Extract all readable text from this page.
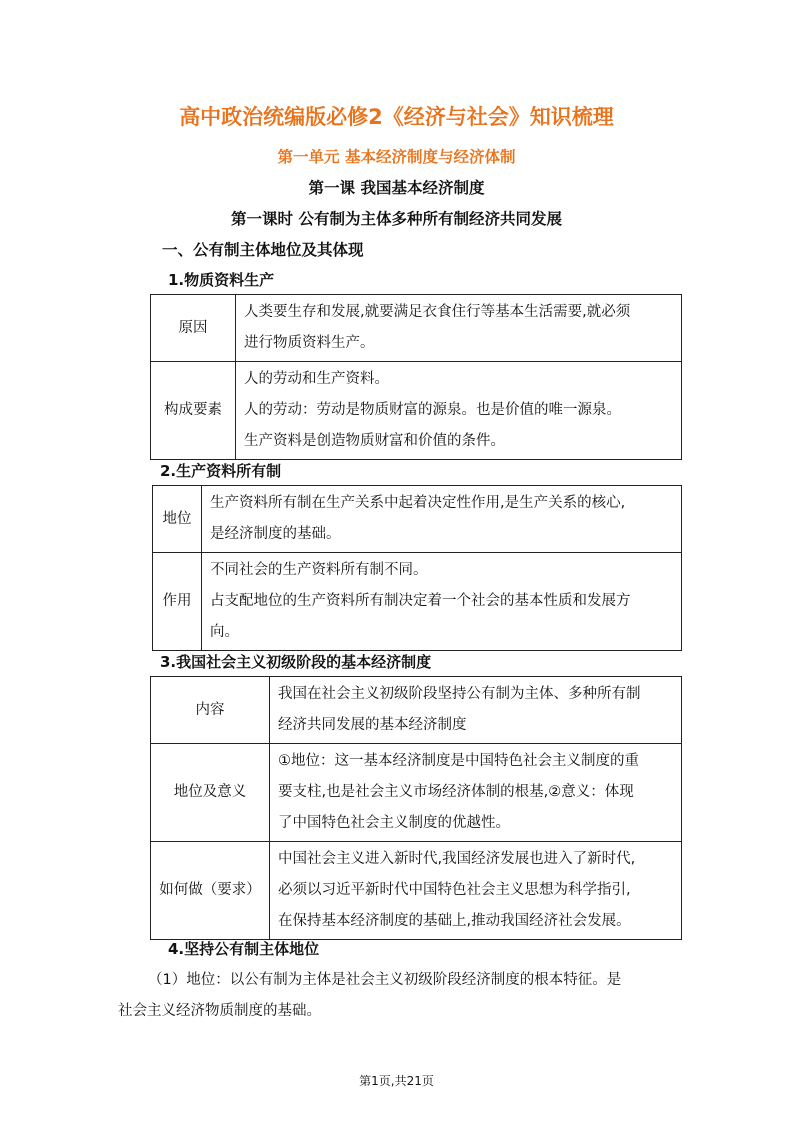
高中政治统编版必修2《经济与社会》知识梳理
第一单元 基本经济制度与经济体制
第一课 我国基本经济制度
第一课时 公有制为主体多种所有制经济共同发展
一、公有制主体地位及其体现
1.物质资料生产
原因	人类要生存和发展,就要满足衣食住行等基本生活需要,就必须
进行物质资料生产。

构成要素	人的劳动和生产资料。
人的劳动：劳动是物质财富的源泉。也是价值的唯一源泉。
生产资料是创造物质财富和价值的条件。
2.生产资料所有制
地位	生产资料所有制在生产关系中起着决定性作用,是生产关系的核心,
是经济制度的基础。

作用	不同社会的生产资料所有制不同。
占支配地位的生产资料所有制决定着一个社会的基本性质和发展方
向。
3.我国社会主义初级阶段的基本经济制度
内容	我国在社会主义初级阶段坚持公有制为主体、多种所有制
经济共同发展的基本经济制度

地位及意义	①地位：这一基本经济制度是中国特色社会主义制度的重
要支柱,也是社会主义市场经济体制的根基,②意义：体现
了中国特色社会主义制度的优越性。

如何做（要求）	中国社会主义进入新时代,我国经济发展也进入了新时代,
必须以习近平新时代中国特色社会主义思想为科学指引,
在保持基本经济制度的基础上,推动我国经济社会发展。
4.坚持公有制主体地位
（1）地位：以公有制为主体是社会主义初级阶段经济制度的根本特征。是
社会主义经济物质制度的基础。
第1页,共21页
